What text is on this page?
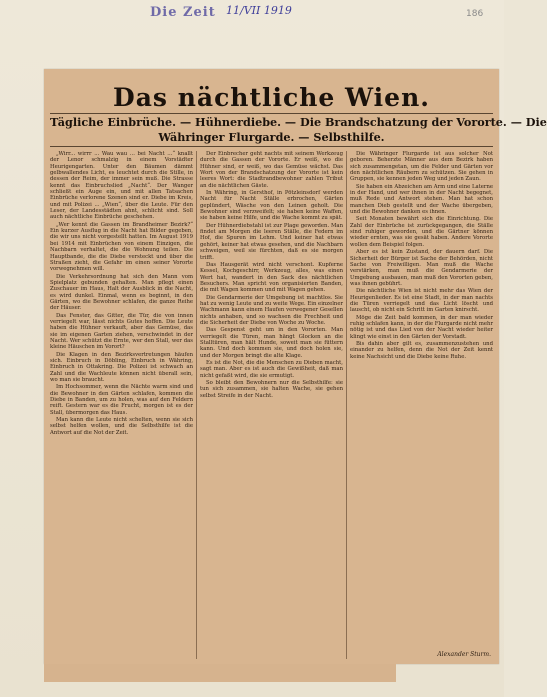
Die Zeit 11/VII 1919	186
Das nächtliche Wien.
Tägliche Einbrüche. — Hühnerdiebe. — Die Brandschatzung der Vororte. — Die
Währinger Flurgarde. — Selbsthilfe.

„Wirr... wirrr ... Wau wau ... bei Nacht ...“ knallt der Lenor schmalzig in einem Vorstädter Heurigengarten. Unter den Bäumen dämmt gelbwallendes Licht, es leuchtet durch die Stille, in dessen der Reim, der immer sein muß. Die Strasse kennt das Einbruchslied „Nacht“. Der Wanger schließt ein Auge ein, und mit allen Tatsachen Einbrüche verlorene Szenen sind er. Diebe im Kreis, und mit Polizei ... „Wien“, über die Leute. Für den Leser, der Landesstädten ahnt, schlicht sind. Soll auch nächtliche Einbrüche geschehen.

„Wer kennt die Gassen im Brandheimer Bezirk?“ Ein kurzer Ausflug in die Nacht hat Bilder gegeben, die wir uns nicht vorgestellt hatten. Im August 1919 bei 1914 mit Einbrüchen von einem Einzigen, die Nachbarn verhaltet, die die Wohnung teilen. Die Hauptbande, die die Diebe versteckt und über die Straßen zieht, die Gefahr im einen seiner Vororte vorwegnehmen will.

Die Verkehrsordnung hat sich den Mann vom Spielplatz gebunden gehalten. Man pflegt einen Zuschauer im Haus, Halt der Ausblick in die Nacht, es wird dunkel. Einmal, wenn es beginnt, in den Gärten, wo die Bewohner schlafen, die ganze Reihe der Häuser.

Das Fenster, das Gitter, die Tür, die von innen verriegelt war, lässt nichts Gutes hoffen. Die Leute haben die Hühner verkauft, aber das Gemüse, das sie im eigenen Garten ziehen, verschwindet in der Nacht. Wer schützt die Ernte, wer den Stall, wer das kleine Häuschen im Vorort?

Die Klagen in den Bezirksvertretungen häufen sich. Einbruch in Döbling, Einbruch in Währing, Einbruch in Ottakring. Die Polizei ist schwach an Zahl und die Wachleute können nicht überall sein, wo man sie braucht.

Im Hochsommer, wenn die Nächte warm sind und die Bewohner in den Gärten schlafen, kommen die Diebe in Banden, um zu holen, was auf den Feldern reift. Gestern war es die Frucht, morgen ist es der Stall, übermorgen das Haus.

Man kann die Leute nicht schelten, wenn sie sich selbst helfen wollen, und die Selbsthilfe ist die Antwort auf die Not der Zeit.

Der Einbrecher geht nachts mit seinem Werkzeug durch die Gassen der Vororte. Er weiß, wo die Hühner sind, er weiß, wo das Gemüse wächst. Das Wort von der Brandschatzung der Vororte ist kein leeres Wort: die Stadtrandbewohner zahlen Tribut an die nächtlichen Gäste.

In Währing, in Gersthof, in Pötzleinsdorf werden Nacht für Nacht Ställe erbrochen, Gärten geplündert, Wäsche von den Leinen geholt. Die Bewohner sind verzweifelt; sie haben keine Waffen, sie haben keine Hilfe, und die Wache kommt zu spät.

Der Hühnerdiebstahl ist zur Plage geworden. Man findet am Morgen die leeren Ställe, die Federn im Hof, die Spuren im Lehm. Und keiner hat etwas gehört, keiner hat etwas gesehen, und die Nachbarn schweigen, weil sie fürchten, daß es sie morgen trifft.

Das Hausgerät wird nicht verschont. Kupferne Kessel, Kochgeschirr, Werkzeug, alles, was einen Wert hat, wandert in den Sack des nächtlichen Besuchers. Man spricht von organisierten Banden, die mit Wagen kommen und mit Wagen gehen.

Die Gendarmerie der Umgebung ist machtlos. Sie hat zu wenig Leute und zu weite Wege. Ein einzelner Wachmann kann einem Haufen verwegener Gesellen nichts anhaben, und so wachsen die Frechheit und die Sicherheit der Diebe von Woche zu Woche.

Das Gespenst geht um in den Vororten. Man verriegelt die Türen, man hängt Glocken an die Stalltüren, man hält Hunde, soweit man sie füttern kann. Und doch kommen sie, und doch holen sie, und der Morgen bringt die alte Klage.

Es ist die Not, die die Menschen zu Dieben macht, sagt man. Aber es ist auch die Gewißheit, daß man nicht gefaßt wird, die sie ermutigt.

So bleibt den Bewohnern nur die Selbsthilfe: sie tun sich zusammen, sie halten Wache, sie gehen selbst Streife in der Nacht.

Die Währinger Flurgarde ist aus solcher Not geboren. Beherzte Männer aus dem Bezirk haben sich zusammengetan, um die Felder und Gärten vor den nächtlichen Räubern zu schützen. Sie gehen in Gruppen, sie kennen jeden Weg und jeden Zaun.

Sie haben ein Abzeichen am Arm und eine Laterne in der Hand, und wer ihnen in der Nacht begegnet, muß Rede und Antwort stehen. Man hat schon manchen Dieb gestellt und der Wache übergeben, und die Bewohner danken es ihnen.

Seit Monaten bewährt sich die Einrichtung. Die Zahl der Einbrüche ist zurückgegangen, die Ställe sind ruhiger geworden, und die Gärtner können wieder ernten, was sie gesät haben. Andere Vororte wollen dem Beispiel folgen.

Aber es ist kein Zustand, der dauern darf. Die Sicherheit der Bürger ist Sache der Behörden, nicht Sache von Freiwilligen. Man muß die Wache verstärken, man muß die Gendarmerie der Umgebung ausbauen, man muß den Vororten geben, was ihnen gebührt.

Die nächtliche Wien ist nicht mehr das Wien der Heurigenlieder. Es ist eine Stadt, in der man nachts die Türen verriegelt und das Licht löscht und lauscht, ob nicht ein Schritt im Garten knirscht.

Möge die Zeit bald kommen, in der man wieder ruhig schlafen kann, in der die Flurgarde nicht mehr nötig ist und das Lied von der Nacht wieder heiter klingt wie einst in den Gärten der Vorstadt.

Bis dahin aber gilt es, zusammenzustehen und einander zu helfen, denn die Not der Zeit kennt keine Nachsicht und die Diebe keine Ruhe.

Alexander Sturm.
